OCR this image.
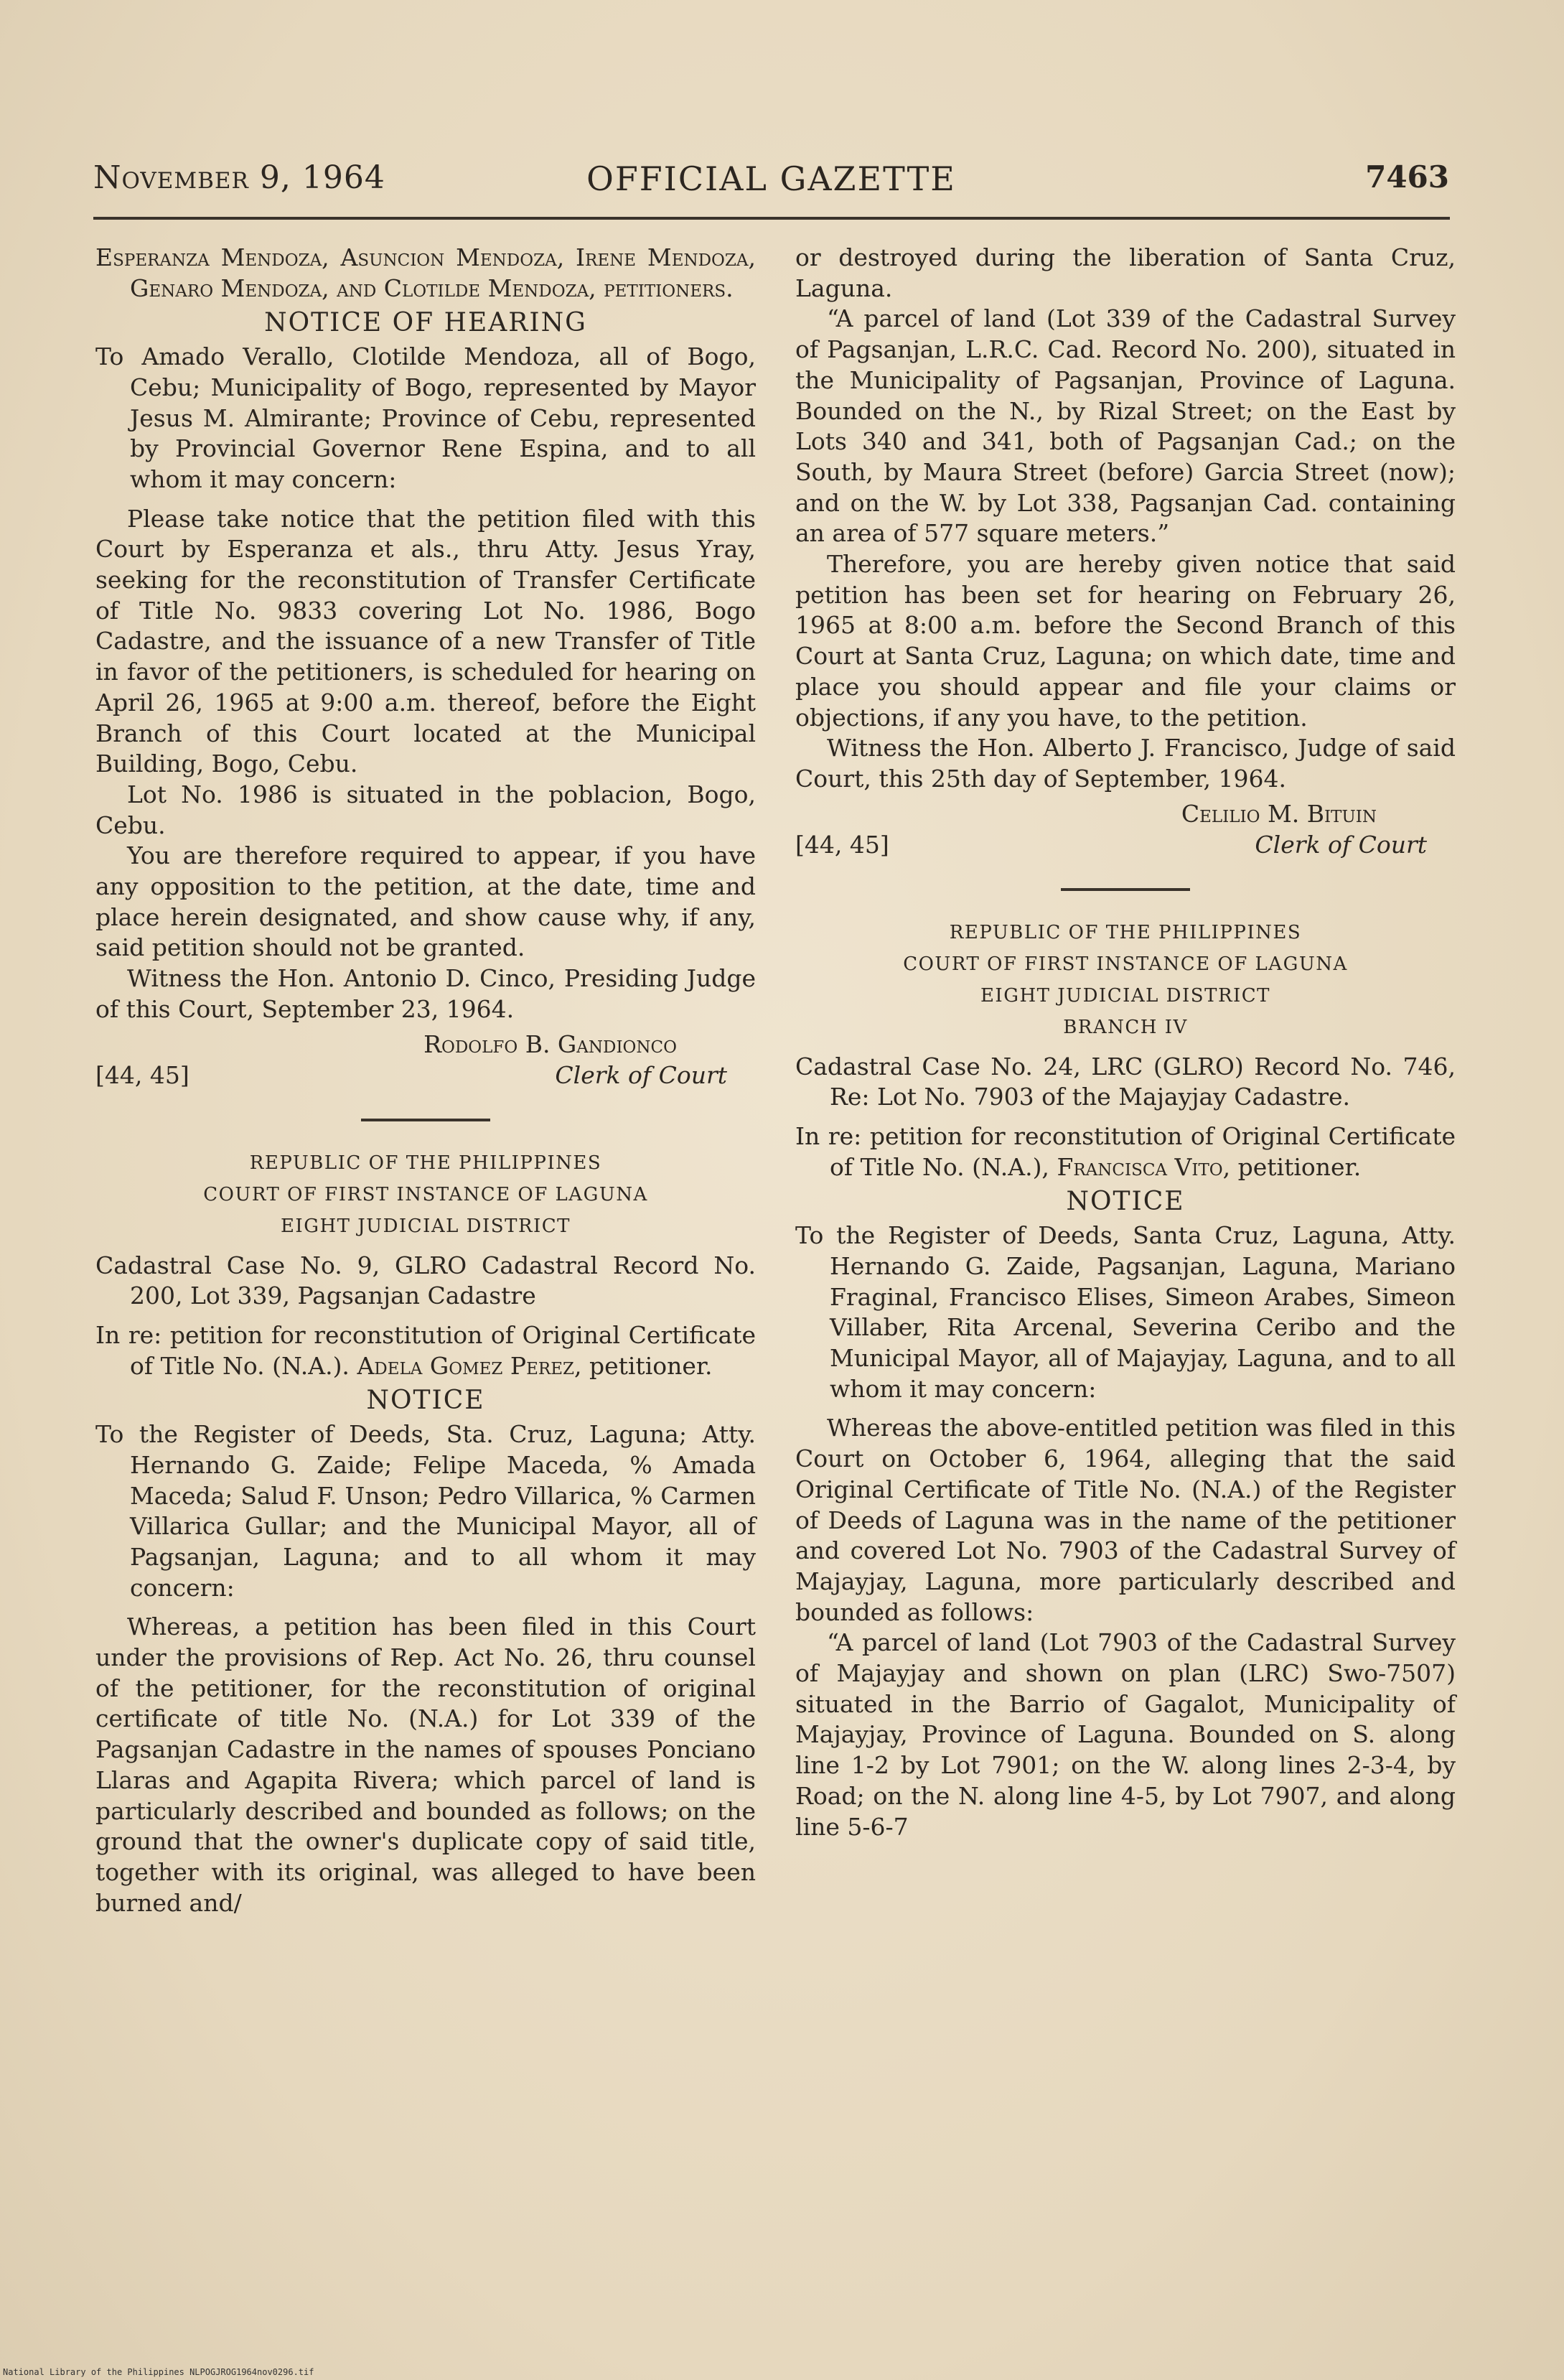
November 9, 1964	OFFICIAL GAZETTE	7463

Esperanza Mendoza, Asuncion Mendoza, Irene Mendoza, Genaro Mendoza, and Clotilde Mendoza, petitioners.

NOTICE OF HEARING

To Amado Verallo, Clotilde Mendoza, all of Bogo, Cebu; Municipality of Bogo, represented by Mayor Jesus M. Almirante; Province of Cebu, represented by Provincial Governor Rene Espina, and to all whom it may concern:

Please take notice that the petition filed with this Court by Esperanza et als., thru Atty. Jesus Yray, seeking for the reconstitution of Transfer Certificate of Title No. 9833 covering Lot No. 1986, Bogo Cadastre, and the issuance of a new Transfer of Title in favor of the petitioners, is scheduled for hearing on April 26, 1965 at 9:00 a.m. thereof, before the Eight Branch of this Court located at the Municipal Building, Bogo, Cebu.

Lot No. 1986 is situated in the poblacion, Bogo, Cebu.

You are therefore required to appear, if you have any opposition to the petition, at the date, time and place herein designated, and show cause why, if any, said petition should not be granted.

Witness the Hon. Antonio D. Cinco, Presiding Judge of this Court, September 23, 1964.

Rodolfo B. Gandionco
[44, 45]	Clerk of Court

REPUBLIC OF THE PHILIPPINES

COURT OF FIRST INSTANCE OF LAGUNA

EIGHT JUDICIAL DISTRICT

Cadastral Case No. 9, GLRO Cadastral Record No. 200, Lot 339, Pagsanjan Cadastre

In re: petition for reconstitution of Original Certificate of Title No. (N.A.). Adela Gomez Perez, petitioner.

NOTICE

To the Register of Deeds, Sta. Cruz, Laguna; Atty. Hernando G. Zaide; Felipe Maceda, % Amada Maceda; Salud F. Unson; Pedro Villarica, % Carmen Villarica Gullar; and the Municipal Mayor, all of Pagsanjan, Laguna; and to all whom it may concern:

Whereas, a petition has been filed in this Court under the provisions of Rep. Act No. 26, thru counsel of the petitioner, for the reconstitution of original certificate of title No. (N.A.) for Lot 339 of the Pagsanjan Cadastre in the names of spouses Ponciano Llaras and Agapita Rivera; which parcel of land is particularly described and bounded as follows; on the ground that the owner's duplicate copy of said title, together with its original, was alleged to have been burned and/

or destroyed during the liberation of Santa Cruz, Laguna.

“A parcel of land (Lot 339 of the Cadastral Survey of Pagsanjan, L.R.C. Cad. Record No. 200), situated in the Municipality of Pagsanjan, Province of Laguna. Bounded on the N., by Rizal Street; on the East by Lots 340 and 341, both of Pagsanjan Cad.; on the South, by Maura Street (before) Garcia Street (now); and on the W. by Lot 338, Pagsanjan Cad. containing an area of 577 square meters.”

Therefore, you are hereby given notice that said petition has been set for hearing on February 26, 1965 at 8:00 a.m. before the Second Branch of this Court at Santa Cruz, Laguna; on which date, time and place you should appear and file your claims or objections, if any you have, to the petition.

Witness the Hon. Alberto J. Francisco, Judge of said Court, this 25th day of September, 1964.

Celilio M. Bituin
[44, 45]	Clerk of Court

REPUBLIC OF THE PHILIPPINES

COURT OF FIRST INSTANCE OF LAGUNA

EIGHT JUDICIAL DISTRICT

BRANCH IV

Cadastral Case No. 24, LRC (GLRO) Record No. 746, Re: Lot No. 7903 of the Majayjay Cadastre.

In re: petition for reconstitution of Original Certificate of Title No. (N.A.), Francisca Vito, petitioner.

NOTICE

To the Register of Deeds, Santa Cruz, Laguna, Atty. Hernando G. Zaide, Pagsanjan, Laguna, Mariano Fraginal, Francisco Elises, Simeon Arabes, Simeon Villaber, Rita Arcenal, Severina Ceribo and the Municipal Mayor, all of Majayjay, Laguna, and to all whom it may concern:

Whereas the above-entitled petition was filed in this Court on October 6, 1964, alleging that the said Original Certificate of Title No. (N.A.) of the Register of Deeds of Laguna was in the name of the petitioner and covered Lot No. 7903 of the Cadastral Survey of Majayjay, Laguna, more particularly described and bounded as follows:

“A parcel of land (Lot 7903 of the Cadastral Survey of Majayjay and shown on plan (LRC) Swo-7507) situated in the Barrio of Gagalot, Municipality of Majayjay, Province of Laguna. Bounded on S. along line 1-2 by Lot 7901; on the W. along lines 2-3-4, by Road; on the N. along line 4-5, by Lot 7907, and along line 5-6-7

National Library of the Philippines NLPOGJROG1964nov0296.tif
